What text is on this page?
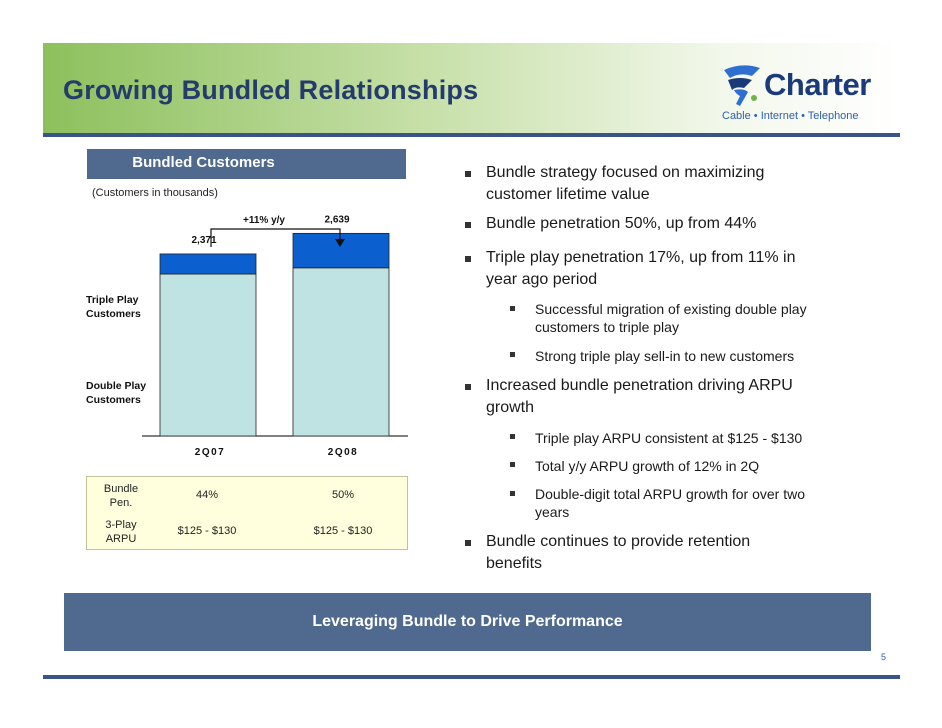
Growing Bundled Relationships	Charter
Cable • Internet • Telephone
Bundled Customers
(Customers in thousands)
2,371
2Q07
2,639
2Q08
Triple Play
Customers
Double Play
Customers
+11% y/y
Bundle
Pen.
44%	50%
3-Play
ARPU
$125 - $130	$125 - $130
Bundle strategy focused on maximizing
customer lifetime value
Bundle penetration 50%, up from 44%
Triple play penetration 17%, up from 11% in
year ago period
Successful migration of existing double play
customers to triple play
Strong triple play sell-in to new customers
Increased bundle penetration driving ARPU
growth
Triple play ARPU consistent at $125 - $130
Total y/y ARPU growth of 12% in 2Q
Double-digit total ARPU growth for over two
years
Bundle continues to provide retention
benefits
Leveraging Bundle to Drive Performance
5
